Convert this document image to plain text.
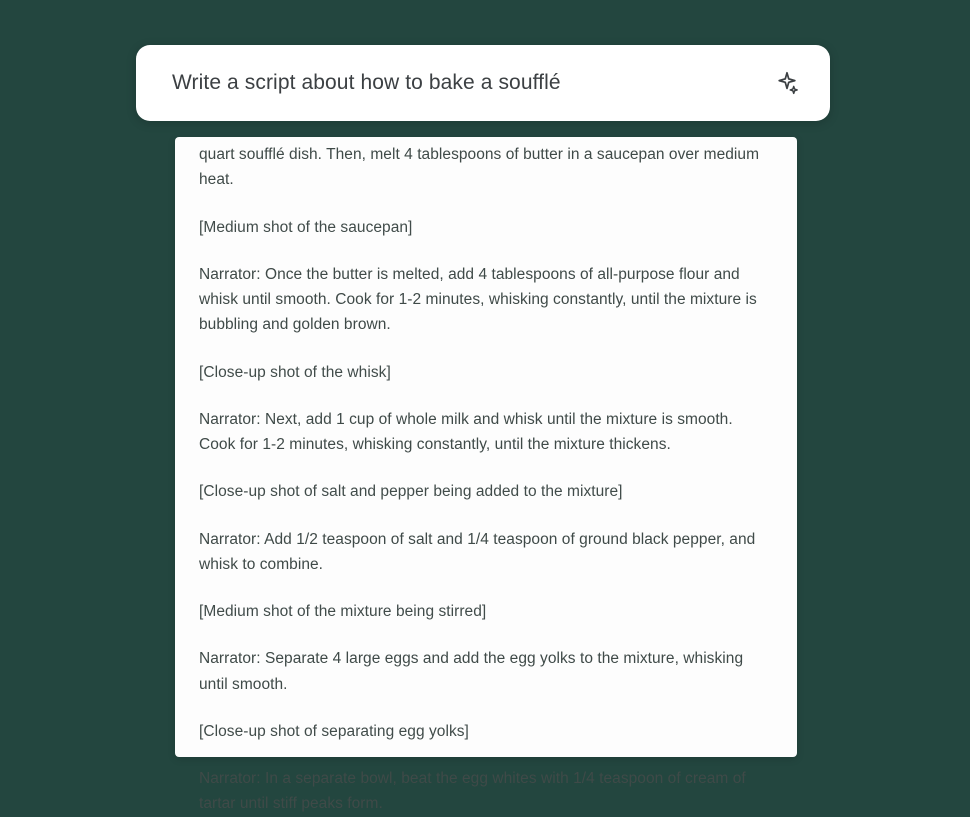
Write a script about how to bake a soufflé

quart soufflé dish. Then, melt 4 tablespoons of butter in a saucepan over medium heat.

[Medium shot of the saucepan]

Narrator: Once the butter is melted, add 4 tablespoons of all-purpose flour and whisk until smooth. Cook for 1-2 minutes, whisking constantly, until the mixture is bubbling and golden brown.

[Close-up shot of the whisk]

Narrator: Next, add 1 cup of whole milk and whisk until the mixture is smooth. Cook for 1-2 minutes, whisking constantly, until the mixture thickens.

[Close-up shot of salt and pepper being added to the mixture]

Narrator: Add 1/2 teaspoon of salt and 1/4 teaspoon of ground black pepper, and whisk to combine.

[Medium shot of the mixture being stirred]

Narrator: Separate 4 large eggs and add the egg yolks to the mixture, whisking until smooth.

[Close-up shot of separating egg yolks]

Narrator: In a separate bowl, beat the egg whites with 1/4 teaspoon of cream of tartar until stiff peaks form.
